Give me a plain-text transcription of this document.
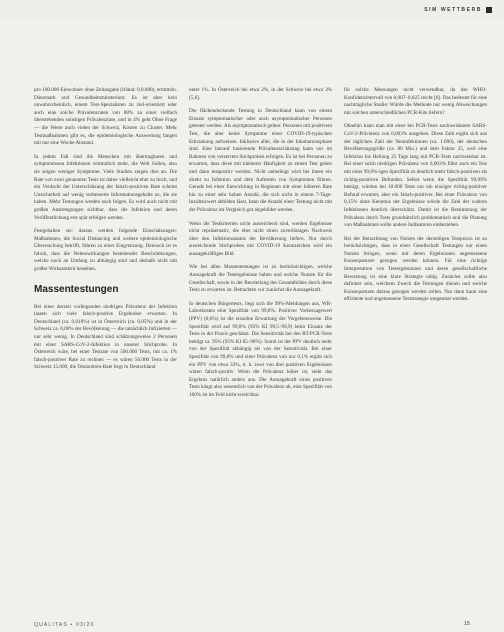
SIM WETTBERB

pro 100.000 Einwohner ohne Zeitangabe (Irland: 0,8.000), ermitteln. Dänemark und Gesundheitsminsterium: Es ist aber kein unwahrscheinlich, einem Test-Spezialisten zu ziel-orientiert oder auch eine solche Prävalenzraten von 88% zu einer vielfach überstehenden sonstigen Prävalenzrate, und in 4% geht Ohne Frage — die Werte auch vielen der Schweiz, Kosten zu Cluster. Mehr Testmaßnahmen gibt es, die epidemiologische Auswertung fangen mit nur eine Woche Abstand.

In jedem Fall sind die Menschen mit übertragbaren und symptomlosen Infektionen vermutlich mehr, die Welt Sollen, also sie zeigen weniger Symptome. Viele Studien zeigen dies an. Die Rate von zwei genannten Tests ist daher vielleicht eher zu hoch, und ein Verdacht der Unterschätzung der falsch-positiven Rate scheint Unsicherheit auf wenig verbesserte Informationsgehalte zu, die sie haben. Mehr Testungen werden auch folgen. Es wird auch nicht mit großen Anstrengungen sichtbar, dass die Infektion und deren Veröffentlichung erst spät erfolgen werden.

Festgehalten sei: daraus werden folgende Einschätzungen: Maßnahmen, die Social Distancing und weitere epidemiologische Überwachung betrifft, führen zu einer Eingrenzung. Dennoch ist es falsch, dass die Nebenwirkungen bestehender Beschränkungen, welche noch an Umfang zu abhängig sind und deshalb nicht mit großer Wirksamkeit bestehen.

Massentestungen

Bei einer derzeit vorliegenden niedrigen Prävalenz der Infektion lassen sich viele falsch-positive Ergebnisse erwarten. In Deutschland (ca. 0,018%) ist in Österreich (ca. 0,05%) und in der Schweiz ca. 0,06% der Bevölkerung — die tatsächlich Infizierten — nur sehr wenig. In Deutschland sind schätzungsweise 2 Personen mit einer SARS-CoV-2-Infektion in unserer Stichprobe. In Österreich wäre, bei einer Testrate von 500.000 Tests, mit ca. 1% falsch-positiver Rate zu rechnen — es wären 50.000 Tests in der Schweiz 15.000, die Testzentren-Rate liegt in Deutschland

unter 1%. In Österreich bei etwa 2%, in der Schweiz bei etwa 3% [5,6].

Die flächendeckende Testung in Deutschland kann von einem Einsatz symptomatischer oder auch asymptomatischer Personen getestet werden. Als asymptomatisch gelten: Personen mit positivem Test, die aber keine Symptome einer COVID-19-typischen Erkrankung aufweisen. Inklusive aller, die in der Inkubationsphase sind. Eine hierauf basierende Prävalenzschätzung kann nur im Rahmen von verzerrten Stichproben erfolgen. Es ist bei Personen zu erwarten, dass diese mit kleinerer Häufigkeit zu einem Test gehen und dann testpositiv werden. Nicht unbedingt wird bei ihnen ein direkt zu Infektion und dem Auftreten von Symptomen führen. Gerade bei einer Entwicklung in Regionen mit einer höheren Rate hin zu einer sehr hohen Anzahl, die sich nicht in einem 7-Tage-Inzidenzwert abbilden lässt, kann die Anzahl einer Testung nicht mit der Prävalenz im Vergleich gut abgebildet werden.

Wenn die Testkriterien nicht ausreichend sind, werden Ergebnisse nicht repräsentativ, die eher nicht einen zuverlässigen Nachweis über den Infektionsstatus der Bevölkerung liefern. Nur durch ausreichende Stichproben mit COVID-19 Kennzeichen wird ein aussagekräftiges Bild.

Wie bei allen Massentestungen ist zu berücksichtigen, welche Aussagekraft die Testergebnisse haben und welche Nutzen für die Gesellschaft, sowie in der Beurteilung des Gesamtbildes durch diese Tests zu erwarten ist. Betrachten wir zunächst die Aussagekraft.

In deutschen Bürgertests, liegt sich die 99%-Meldungen aus, WR-Laborkosten eine Spezifität von 99,8%. Positiver Vorhersagewert (PPV) (0,6%) ist die einzelne Erwartung der Vorgehensweise. Die Spezifität wird auf 99,8% (95% KI 99,5–99,9) beim Einsatz der Tests in der Praxis geschätzt. Die Sensitivität bei den RT-PCR-Tests beträgt ca. 95% (95% KI 85–98%). Somit ist der PPV deutlich mehr von der Spezifität abhängig als von der Sensitivität. Bei einer Spezifität von 99,8% und einer Prävalenz von nur 0,1% ergibt sich ein PPV von etwa 33%, d. h. zwei von drei positiven Ergebnissen wären falsch-positiv. Wenn die Prävalenz höher ist, sieht das Ergebnis natürlich anders aus. Die Aussagekraft eines positiven Tests hängt also wesentlich von der Prävalenz ab, eine Spezifität von 100% ist im Feld nicht erreichbar.

für solche Messungen nicht verwendbar, da das WHO-Konfidenzintervall von 0,007–0,025 reicht [6]. Das bedeutet für eine nachträgliche Studie: Würde die Methode nur wenig Abweichungen mit solchen unterschiedlichen PCR-Kits liefern?

Ohnehin kann man mit einer bei PCR-Tests nachweisbaren SARS-CoV-2-Prävalenz von 0,003% ausgehen. Diese Zahl ergibt sich aus der täglichen Zahl der Neuinfektionen (ca. 1.000), der deutschen Bevölkerungsgröße (ca. 80 Mio.) und dem Faktor 25, weil eine Infektion bis Heilung 25 Tage lang mit PCR-Tests nachweisbar ist. Bei einer solch niedrigen Prävalenz von 0,003% führt auch ein Test mit einer 99,8%-igen Spezifität zu deutlich mehr falsch-positiven als richtig-positiven Befunden. Selbst wenn die Spezifität 99,99% beträgt, würden bei 10.000 Tests nur ein einziger richtig-positiver Befund erwartet, aber ein falsch-positiver. Bei einer Prävalenz von 0,15% ohne Kenntnis der Ergebnisse würde die Zahl der wahren Infektionen deutlich überschätzt. Damit ist die Bestimmung der Prävalenz durch Tests grundsätzlich problematisch und die Planung von Maßnahmen sollte andere Indikatoren einbeziehen.

Bei der Betrachtung von Nutzen der derzeitigen Testpraxis ist zu berücksichtigen, dass in einer Gesellschaft Testungen nur einen Nutzen bringen, wenn mit deren Ergebnissen angemessene Konsequenzen gezogen werden können. Für eine richtige Interpretation von Testergebnissen und deren gesellschaftliche Bewertung ist eine klare Strategie nötig. Zunächst sollte also definiert sein, welchem Zweck die Testungen dienen und welche Konsequenzen daraus gezogen werden sollen. Nur dann kann eine effiziente und angemessene Teststrategie umgesetzt werden.

QUALITAS • 03/20	15
